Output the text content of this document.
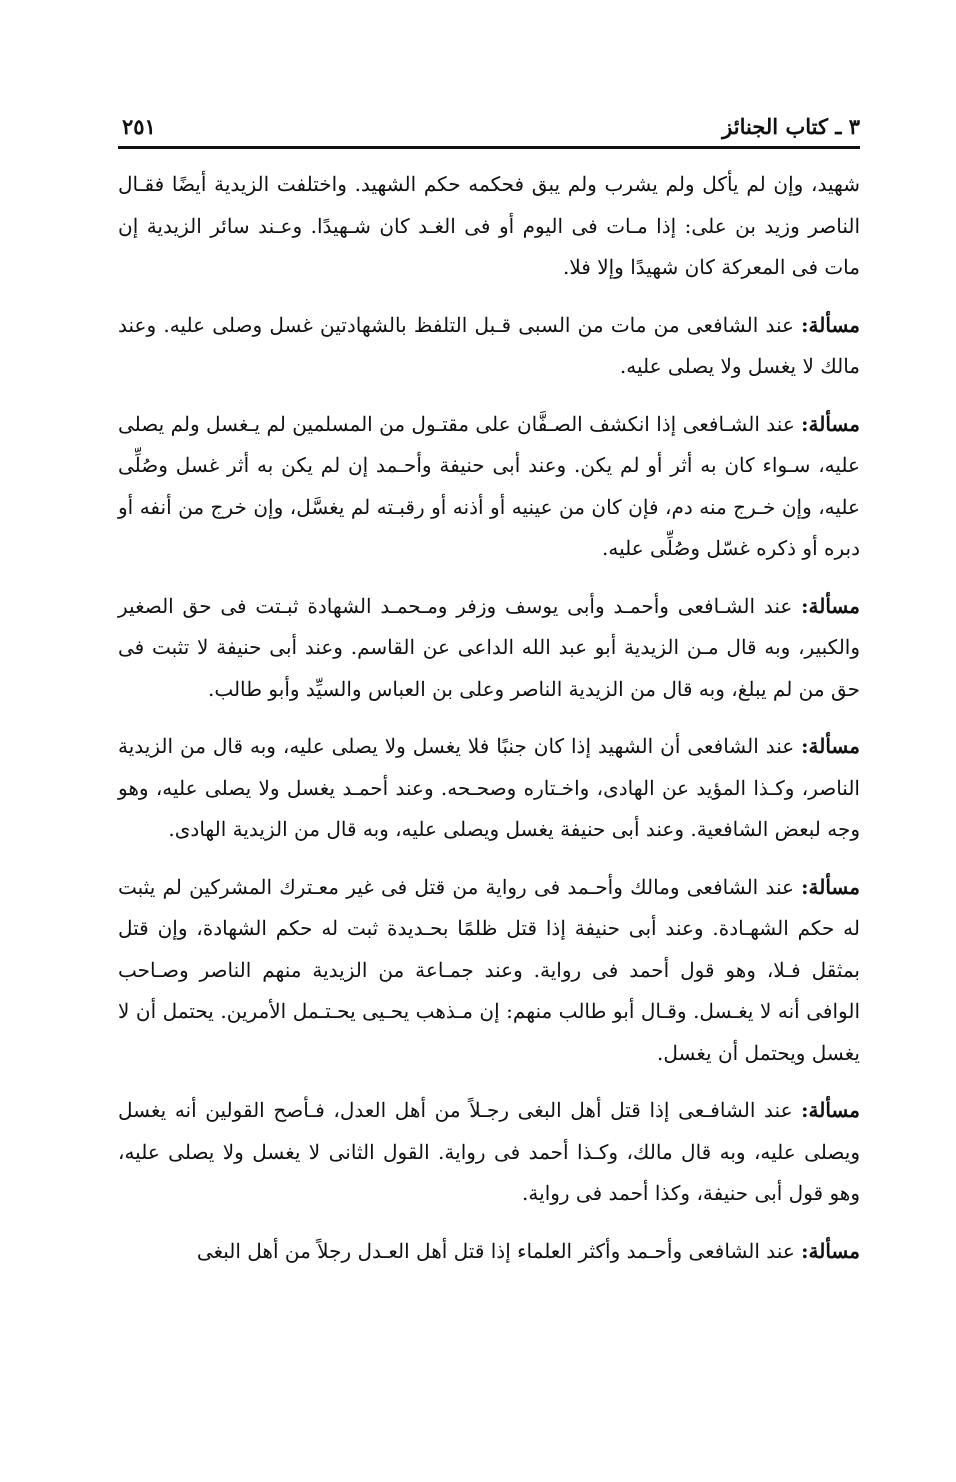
٣ ـ كتاب الجنائز
٢٥١

شهيد، وإن لم يأكل ولم يشرب ولم يبق فحكمه حكم الشهيد. واختلفت الزيدية أيضًا فقـال الناصر وزيد بن على: إذا مـات فى اليوم أو فى الغـد كان شـهيدًا. وعـند سائر الزيدية إن مات فى المعركة كان شهيدًا وإلا فلا.

مسألة: عند الشافعى من مات من السبى قـبل التلفظ بالشهادتين غسل وصلى عليه. وعند مالك لا يغسل ولا يصلى عليه.

مسألة: عند الشـافعى إذا انكشف الصـفَّان على مقتـول من المسلمين لم يـغسل ولم يصلى عليه، سـواء كان به أثر أو لم يكن. وعند أبى حنيفة وأحـمد إن لم يكن به أثر غسل وصُلِّى عليه، وإن خـرج منه دم، فإن كان من عينيه أو أذنه أو رقبـته لم يغسَّل، وإن خرج من أنفه أو دبره أو ذكره غسّل وصُلِّى عليه.

مسألة: عند الشـافعى وأحمـد وأبى يوسف وزفر ومـحمـد الشهادة ثبـتت فى حق الصغير والكبير، وبه قال مـن الزيدية أبو عبد الله الداعى عن القاسم. وعند أبى حنيفة لا تثبت فى حق من لم يبلغ، وبه قال من الزيدية الناصر وعلى بن العباس والسيِّد وأبو طالب.

مسألة: عند الشافعى أن الشهيد إذا كان جنبًا فلا يغسل ولا يصلى عليه، وبه قال من الزيدية الناصر، وكـذا المؤيد عن الهادى، واخـتاره وصحـحه. وعند أحمـد يغسل ولا يصلى عليه، وهو وجه لبعض الشافعية. وعند أبى حنيفة يغسل ويصلى عليه، وبه قال من الزيدية الهادى.

مسألة: عند الشافعى ومالك وأحـمد فى رواية من قتل فى غير معـترك المشركين لم يثبت له حكم الشهـادة. وعند أبى حنيفة إذا قتل ظلمًا بحـديدة ثبت له حكم الشهادة، وإن قتل بمثقل فـلا، وهو قول أحمد فى رواية. وعند جمـاعة من الزيدية منهم الناصر وصـاحب الوافى أنه لا يغـسل. وقـال أبو طالب منهم: إن مـذهب يحـيى يحـتـمل الأمرين. يحتمل أن لا يغسل ويحتمل أن يغسل.

مسألة: عند الشافـعى إذا قتل أهل البغى رجـلاً من أهل العدل، فـأصح القولين أنه يغسل ويصلى عليه، وبه قال مالك، وكـذا أحمد فى رواية. القول الثانى لا يغسل ولا يصلى عليه، وهو قول أبى حنيفة، وكذا أحمد فى رواية.

مسألة: عند الشافعى وأحـمد وأكثر العلماء إذا قتل أهل العـدل رجلاً من أهل البغى
